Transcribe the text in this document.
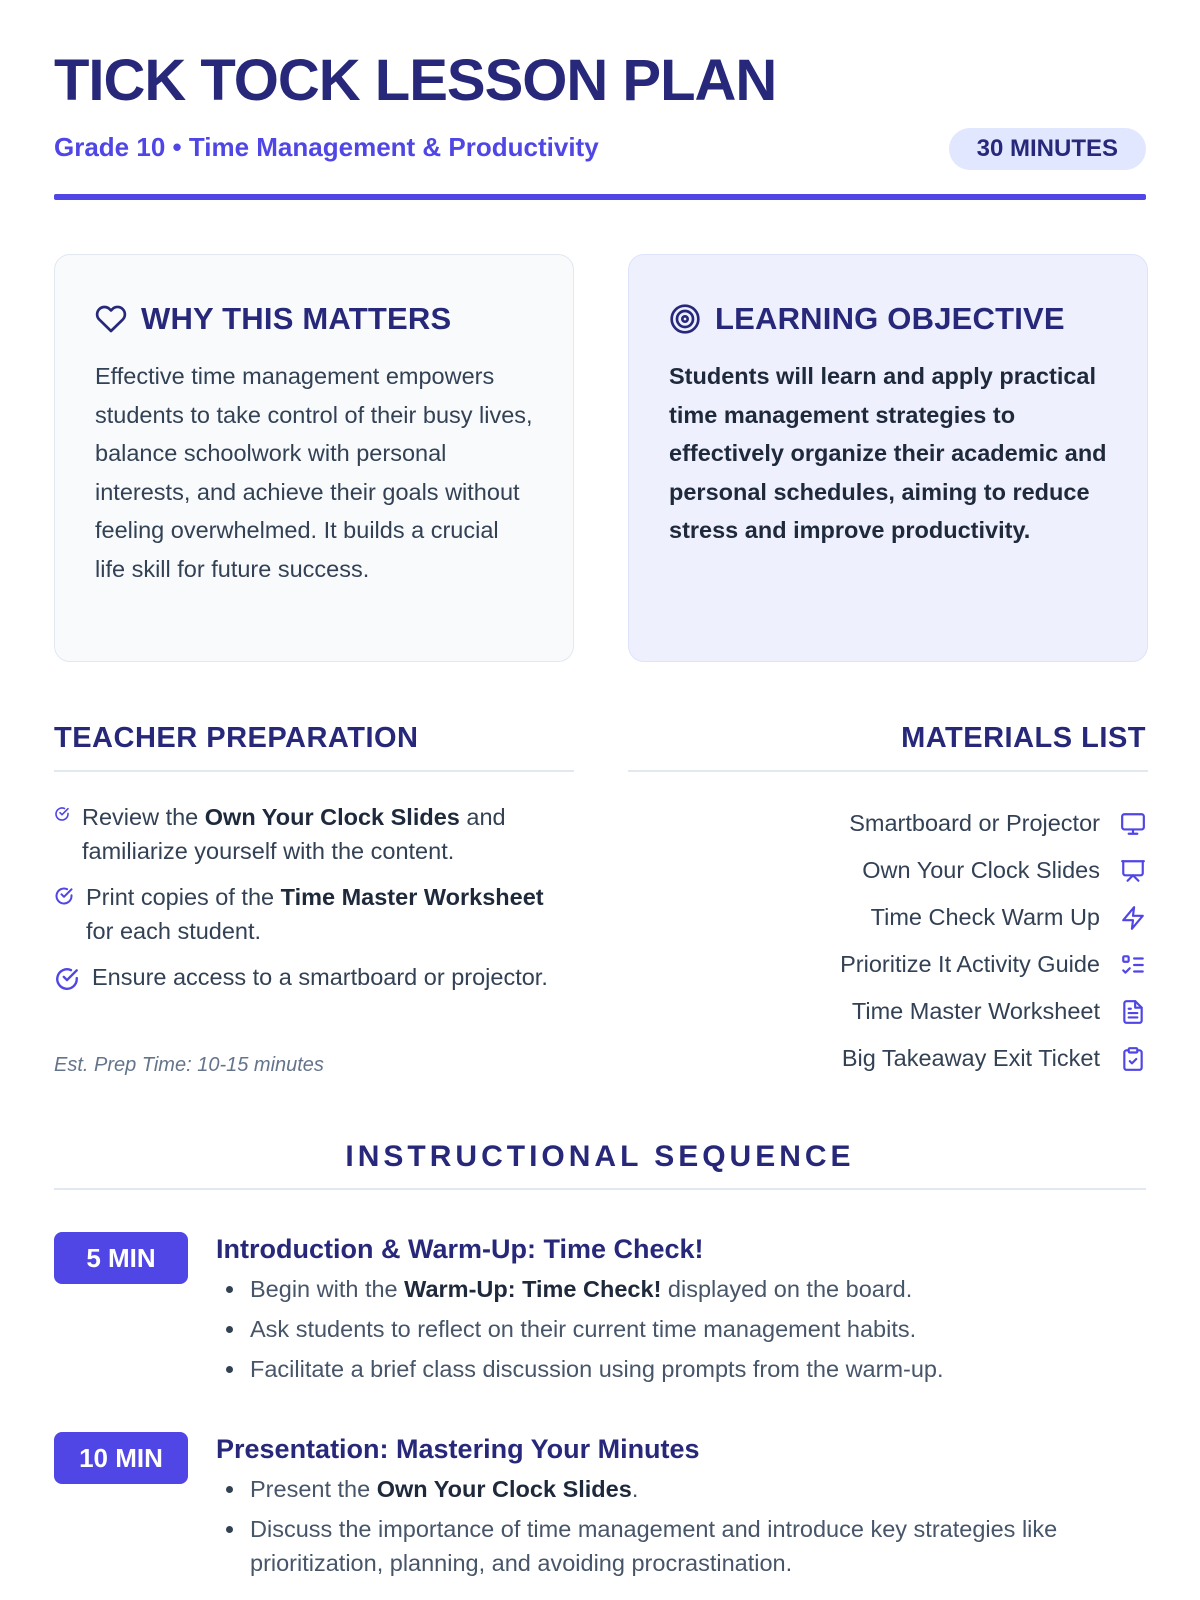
TICK TOCK LESSON PLAN
Grade 10 • Time Management & Productivity	30 MINUTES
WHY THIS MATTERS

Effective time management empowers students to take control of their busy lives, balance schoolwork with personal interests, and achieve their goals without feeling overwhelmed. It builds a crucial life skill for future success.

LEARNING OBJECTIVE

Students will learn and apply practical time management strategies to effectively organize their academic and personal schedules, aiming to reduce stress and improve productivity.

TEACHER PREPARATION	MATERIALS LIST
Review the Own Your Clock Slides and familiarize yourself with the content.
Print copies of the Time Master Worksheet for each student.
Ensure access to a smartboard or projector.
Est. Prep Time: 10-15 minutes
Smartboard or Projector
Own Your Clock Slides
Time Check Warm Up
Prioritize It Activity Guide
Time Master Worksheet
Big Takeaway Exit Ticket
INSTRUCTIONAL SEQUENCE
5 MIN	Introduction & Warm-Up: Time Check!
Begin with the Warm-Up: Time Check! displayed on the board.
Ask students to reflect on their current time management habits.
Facilitate a brief class discussion using prompts from the warm-up.
10 MIN	Presentation: Mastering Your Minutes
Present the Own Your Clock Slides.
Discuss the importance of time management and introduce key strategies like prioritization, planning, and avoiding procrastination.
